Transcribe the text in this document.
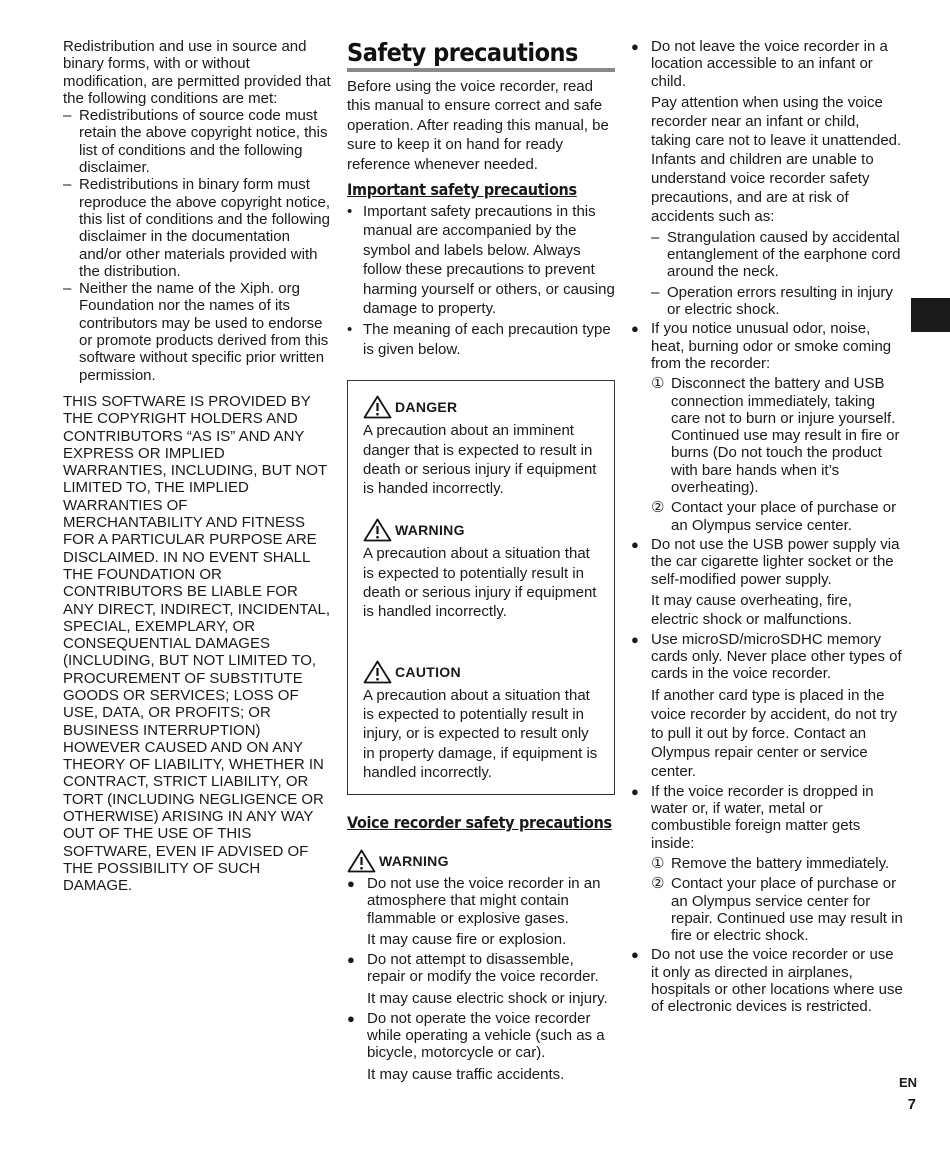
Redistribution and use in source and binary forms, with or without modification, are permitted provided that the following conditions are met:

– Redistributions of source code must retain the above copyright notice, this list of conditions and the following disclaimer.
– Redistributions in binary form must reproduce the above copyright notice, this list of conditions and the following disclaimer in the documentation and/or other materials provided with the distribution.
– Neither the name of the Xiph. org Foundation nor the names of its contributors may be used to endorse or promote products derived from this software without specific prior written permission.

THIS SOFTWARE IS PROVIDED BY THE COPYRIGHT HOLDERS AND CONTRIBUTORS “AS IS” AND ANY EXPRESS OR IMPLIED WARRANTIES, INCLUDING, BUT NOT LIMITED TO, THE IMPLIED WARRANTIES OF MERCHANTABILITY AND FITNESS FOR A PARTICULAR PURPOSE ARE DISCLAIMED. IN NO EVENT SHALL THE FOUNDATION OR CONTRIBUTORS BE LIABLE FOR ANY DIRECT, INDIRECT, INCIDENTAL, SPECIAL, EXEMPLARY, OR CONSEQUENTIAL DAMAGES (INCLUDING, BUT NOT LIMITED TO, PROCUREMENT OF SUBSTITUTE GOODS OR SERVICES; LOSS OF USE, DATA, OR PROFITS; OR BUSINESS INTERRUPTION) HOWEVER CAUSED AND ON ANY THEORY OF LIABILITY, WHETHER IN CONTRACT, STRICT LIABILITY, OR TORT (INCLUDING NEGLIGENCE OR OTHERWISE) ARISING IN ANY WAY OUT OF THE USE OF THIS SOFTWARE, EVEN IF ADVISED OF THE POSSIBILITY OF SUCH DAMAGE.

Safety precautions

Before using the voice recorder, read this manual to ensure correct and safe operation. After reading this manual, be sure to keep it on hand for ready reference whenever needed.

Important safety precautions
• Important safety precautions in this manual are accompanied by the symbol and labels below. Always follow these precautions to prevent harming yourself or others, or causing damage to property.
• The meaning of each precaution type is given below.
DANGER

A precaution about an imminent danger that is expected to result in death or serious injury if equipment is handed incorrectly.

WARNING

A precaution about a situation that is expected to potentially result in death or serious injury if equipment is handled incorrectly.

CAUTION

A precaution about a situation that is expected to potentially result in injury, or is expected to result only in property damage, if equipment is handled incorrectly.

Voice recorder safety precautions
WARNING

● Do not use the voice recorder in an atmosphere that might contain flammable or explosive gases.

It may cause fire or explosion.

● Do not attempt to disassemble, repair or modify the voice recorder.

It may cause electric shock or injury.

● Do not operate the voice recorder while operating a vehicle (such as a bicycle, motorcycle or car).

It may cause traffic accidents.

● Do not leave the voice recorder in a location accessible to an infant or child.

Pay attention when using the voice recorder near an infant or child, taking care not to leave it unattended. Infants and children are unable to understand voice recorder safety precautions, and are at risk of accidents such as:

– Strangulation caused by accidental entanglement of the earphone cord around the neck.
– Operation errors resulting in injury or electric shock.

● If you notice unusual odor, noise, heat, burning odor or smoke coming from the recorder:

① Disconnect the battery and USB connection immediately, taking care not to burn or injure yourself. Continued use may result in fire or burns (Do not touch the product with bare hands when it’s overheating).
② Contact your place of purchase or an Olympus service center.

● Do not use the USB power supply via the car cigarette lighter socket or the self-modified power supply.

It may cause overheating, fire, electric shock or malfunctions.

● Use microSD/microSDHC memory cards only. Never place other types of cards in the voice recorder.

If another card type is placed in the voice recorder by accident, do not try to pull it out by force. Contact an Olympus repair center or service center.

● If the voice recorder is dropped in water or, if water, metal or combustible foreign matter gets inside:

① Remove the battery immediately.
② Contact your place of purchase or an Olympus service center for repair. Continued use may result in fire or electric shock.

● Do not use the voice recorder or use it only as directed in airplanes, hospitals or other locations where use of electronic devices is restricted.

EN
7
